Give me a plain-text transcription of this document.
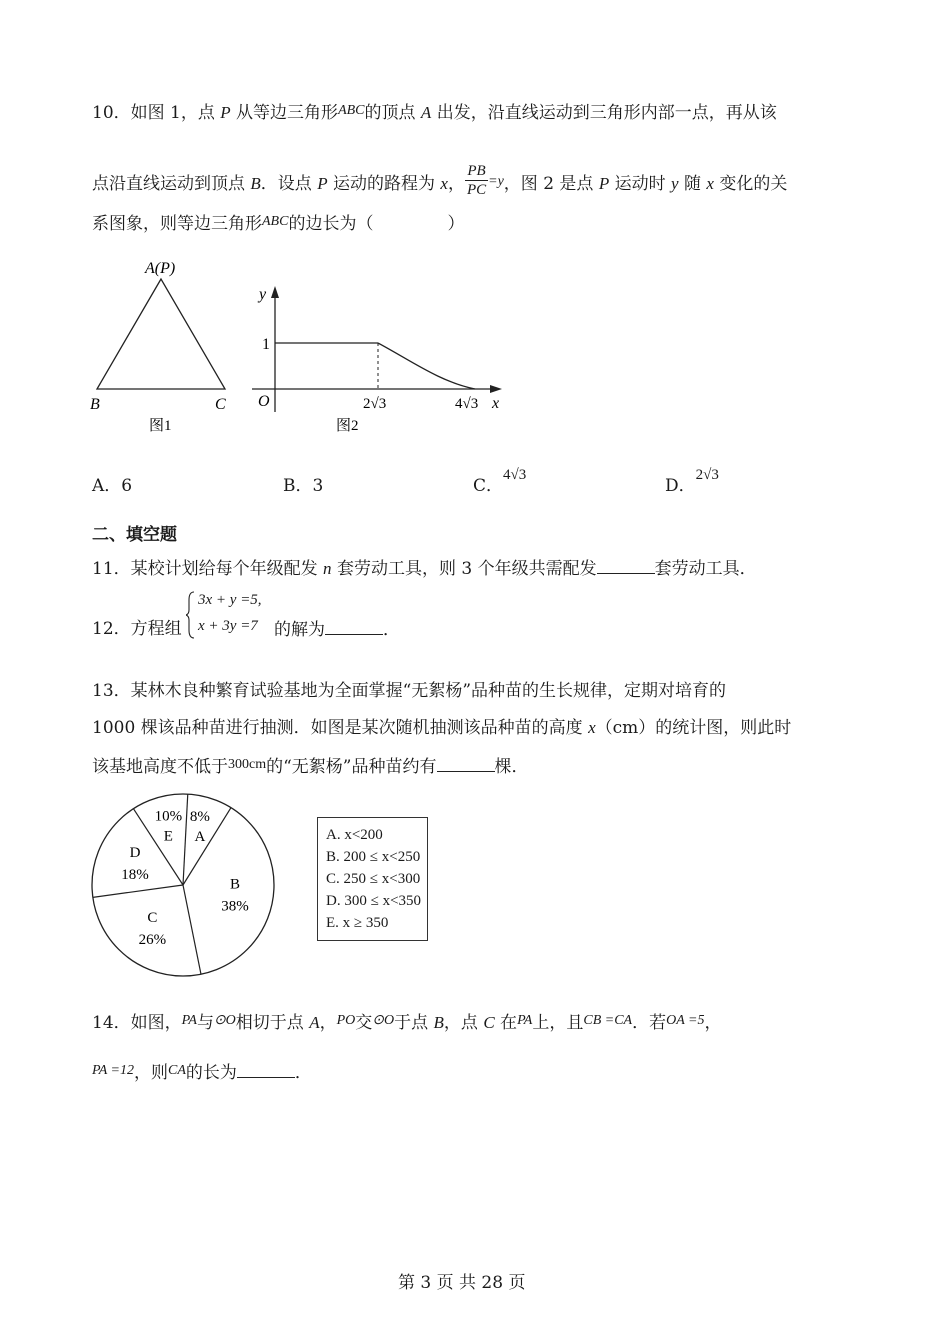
10．如图 1，点 P 从等边三角形$^{ABC}$的顶点 A 出发，沿直线运动到三角形内部一点，再从该
点沿直线运动到顶点 B．设点 P 运动的路程为 x， $\frac{PB}{PC} ^{=y}$，图 2 是点 P 运动时 y 随 x 变化的关
系图象，则等边三角形$^{ABC}$的边长为（	）
A(P)
B	C
图1
y
x
1
O	2√3	4√3
图2
A．6	B．3	C．4√3
D．2√3
二、填空题
11．某校计划给每个年级配发 n 套劳动工具，则 3 个年级共需配发	套劳动工具．
12．方程组
3x + y =5,
x + 3y =7 的解为	．
13．某林木良种繁育试验基地为全面掌握“无絮杨”品种苗的生长规律，定期对培育的
1000 棵该品种苗进行抽测．如图是某次随机抽测该品种苗的高度 x（cm）的统计图，则此时
该基地高度不低于$^{300cm}$的“无絮杨”品种苗约有	棵．
A
8%
B
38%
C
26%
D
18%
E
10%
A. x<200
B. 200 ≤ x<250
C. 250 ≤ x<300
D. 300 ≤ x<350
E. x ≥ 350
14．如图，$^{PA}$与$^{⊙O}$相切于点 A，$^{PO}$交$^{⊙O}$于点 B，点 C 在$^{PA}$上，且$^{CB =CA}$．若$^{OA =5}$，
$^{PA =12}$，则$^{CA}$的长为	．
第 3 页 共 28 页
